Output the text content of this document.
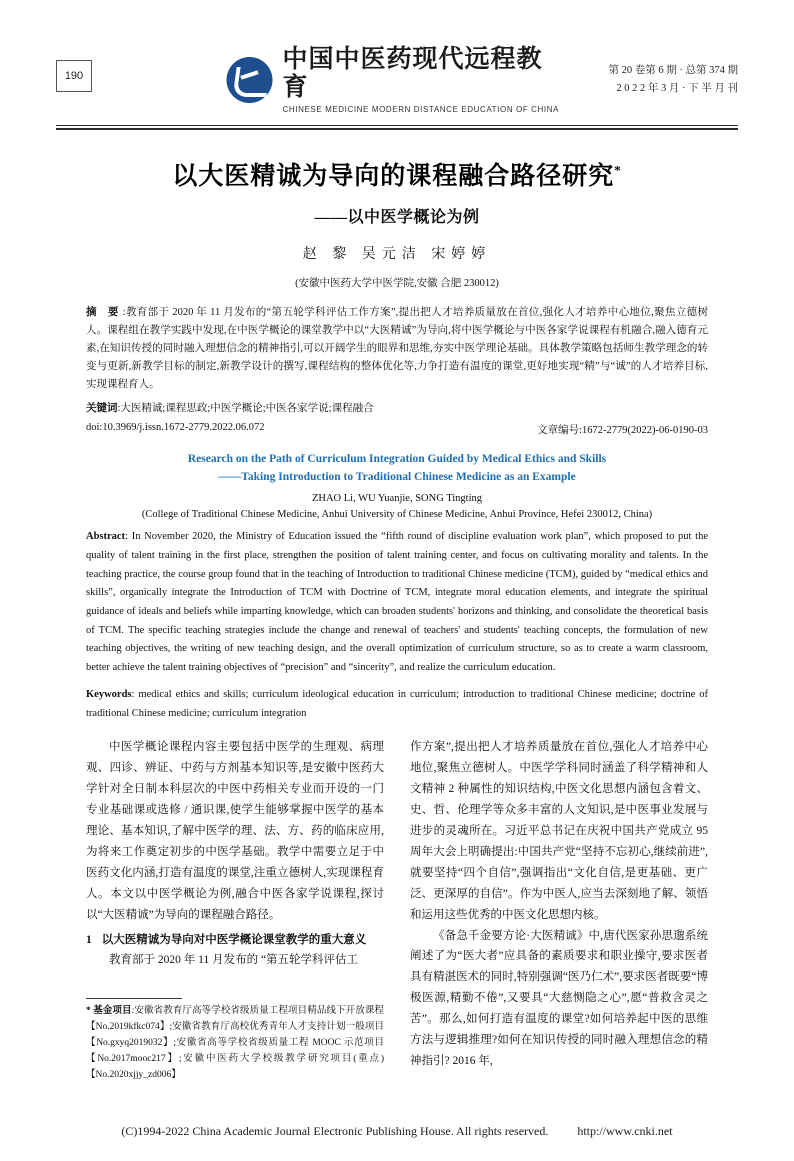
190
中国中医药现代远程教育
CHINESE MEDICINE MODERN DISTANCE EDUCATION OF CHINA
第 20 卷第 6 期 · 总第 374 期
2 0 2 2 年 3 月 · 下 半 月 刊
以大医精诚为导向的课程融合路径研究*
——以中医学概论为例
赵 黎 吴元洁 宋婷婷
(安徽中医药大学中医学院,安徽 合肥 230012)
摘 要:教育部于 2020 年 11 月发布的“第五轮学科评估工作方案”,提出把人才培养质量放在首位,强化人才培养中心地位,聚焦立德树人。课程组在教学实践中发现,在中医学概论的课堂教学中以“大医精诚”为导向,将中医学概论与中医各家学说课程有机融合,融入德育元素,在知识传授的同时融入理想信念的精神指引,可以开阔学生的眼界和思维,夯实中医学理论基础。具体教学策略包括师生教学理念的转变与更新,新教学目标的制定,新教学设计的撰写,课程结构的整体优化等,力争打造有温度的课堂,更好地实现“精”与“诚”的人才培养目标,实现课程育人。
关键词:大医精诚;课程思政;中医学概论;中医各家学说;课程融合
doi:10.3969/j.issn.1672-2779.2022.06.072	文章编号:1672-2779(2022)-06-0190-03
Research on the Path of Curriculum Integration Guided by Medical Ethics and Skills
——Taking Introduction to Traditional Chinese Medicine as an Example
ZHAO Li, WU Yuanjie, SONG Tingting
(College of Traditional Chinese Medicine, Anhui University of Chinese Medicine, Anhui Province, Hefei 230012, China)
Abstract: In November 2020, the Ministry of Education issued the “fifth round of discipline evaluation work plan”, which proposed to put the quality of talent training in the first place, strengthen the position of talent training center, and focus on cultivating morality and talents. In the teaching practice, the course group found that in the teaching of Introduction to traditional Chinese medicine (TCM), guided by “medical ethics and skills”, organically integrate the Introduction of TCM with Doctrine of TCM, integrate moral education elements, and integrate the spiritual guidance of ideals and beliefs while imparting knowledge, which can broaden students' horizons and thinking, and consolidate the theoretical basis of TCM. The specific teaching strategies include the change and renewal of teachers' and students' teaching concepts, the formulation of new teaching objectives, the writing of new teaching design, and the overall optimization of curriculum structure, so as to create a warm classroom, better achieve the talent training objectives of “precision” and “sincerity”, and realize the curriculum education.
Keywords: medical ethics and skills; curriculum ideological education in curriculum; introduction to traditional Chinese medicine; doctrine of traditional Chinese medicine; curriculum integration

中医学概论课程内容主要包括中医学的生理观、病理观、四诊、辨证、中药与方剂基本知识等,是安徽中医药大学针对全日制本科层次的中医中药相关专业而开设的一门专业基础课或选修 / 通识课,使学生能够掌握中医学的基本理论、基本知识,了解中医学的理、法、方、药的临床应用,为将来工作奠定初步的中医学基础。教学中需要立足于中医药文化内涵,打造有温度的课堂,注重立德树人,实现课程育人。本文以中医学概论为例,融合中医各家学说课程,探讨以“大医精诚”为导向的课程融合路径。

1 以大医精诚为导向对中医学概论课堂教学的重大意义

教育部于 2020 年 11 月发布的 “第五轮学科评估工

作方案”,提出把人才培养质量放在首位,强化人才培养中心地位,聚焦立德树人。中医学学科同时涵盖了科学精神和人文精神 2 种属性的知识结构,中医文化思想内涵包含着文、史、哲、伦理学等众多丰富的人文知识,是中医事业发展与进步的灵魂所在。习近平总书记在庆祝中国共产党成立 95 周年大会上明确提出:中国共产党“坚持不忘初心,继续前进”,就要坚持“四个自信”,强调指出“文化自信,是更基础、更广泛、更深厚的自信”。作为中医人,应当去深刻地了解、领悟和运用这些优秀的中医文化思想内核。

《备急千金要方论·大医精诚》中,唐代医家孙思邈系统阐述了为“医大者”应具备的素质要求和职业操守,要求医者具有精湛医术的同时,特别强调“医乃仁术”,要求医者既要“博极医源,精勤不倦”,又要具“大慈恻隐之心”,愿“普救含灵之苦”。那么,如何打造有温度的课堂?如何培养起中医的思维方法与逻辑推理?如何在知识传授的同时融入理想信念的精神指引? 2016 年,

* 基金项目:安徽省教育厅高等学校省级质量工程项目精品线下开放课程【No.2019kfkc074】;安徽省教育厅高校优秀青年人才支持计划一般项目【No.gxyq2019032】;安徽省高等学校省级质量工程 MOOC 示范项目【No.2017mooc217】;安徽中医药大学校级教学研究项目(重点)【No.2020xjjy_zd006】
(C)1994-2022 China Academic Journal Electronic Publishing House. All rights reserved. http://www.cnki.net
